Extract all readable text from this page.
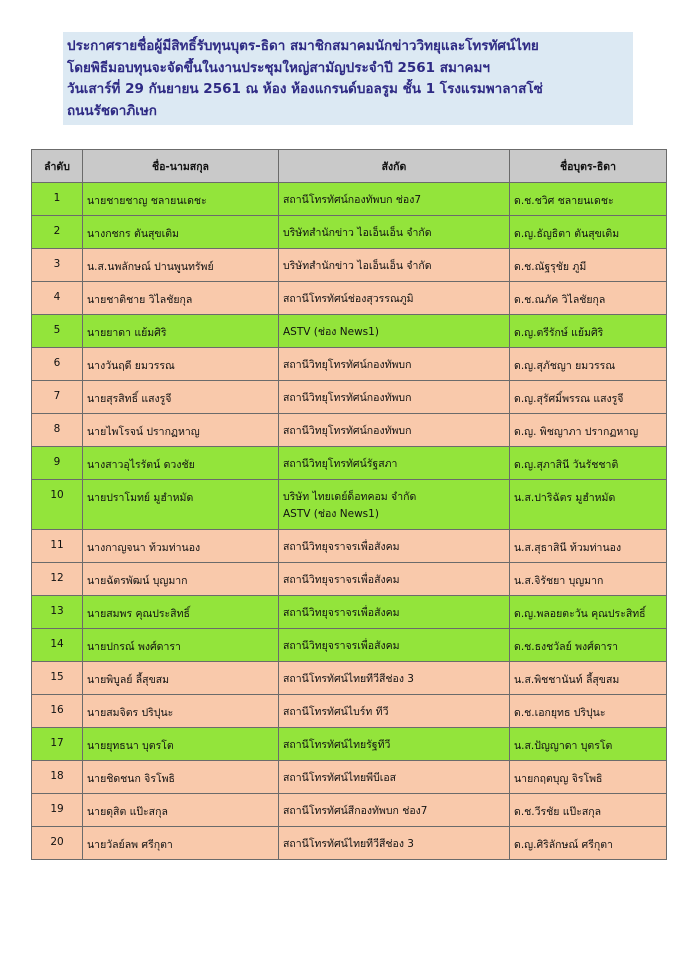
ประกาศรายชื่อผู้มีสิทธิ์รับทุนบุตร-ธิดา สมาชิกสมาคมนักข่าววิทยุและโทรทัศน์ไทย
โดยพิธีมอบทุนจะจัดขึ้นในงานประชุมใหญ่สามัญประจำปี 2561 สมาคมฯ
วันเสาร์ที่ 29 กันยายน 2561 ณ ห้อง ห้องแกรนด์บอลรูม ชั้น 1 โรงแรมพาลาสโซ่
ถนนรัชดาภิเษก
ลำดับ	ชื่อ-นามสกุล	สังกัด	ชื่อบุตร-ธิดา
1	นายชายชาญ ชลายนเดชะ	สถานีโทรทัศน์กองทัพบก ช่อง7	ด.ช.ชวิศ ชลายนเดชะ
2	นางกชกร ตันสุขเติม	บริษัทสำนักข่าว ไอเอ็นเอ็น จำกัด	ด.ญ.ธัญธิตา ตันสุขเติม
3	น.ส.นพลักษณ์ ปานพูนทรัพย์	บริษัทสำนักข่าว ไอเอ็นเอ็น จำกัด	ด.ช.ณัฐรุชัย ภูมี
4	นายชาติชาย วิไลชัยกุล	สถานีโทรทัศน์ช่องสุวรรณภูมิ	ด.ช.ณภัค วิไลชัยกุล
5	นายยาดา แย้มศิริ	ASTV (ช่อง News1)	ด.ญ.ตรีรักษ์ แย้มศิริ
6	นางวันฤดี ยมวรรณ	สถานีวิทยุโทรทัศน์กองทัพบก	ด.ญ.สุภัชญา ยมวรรณ
7	นายสุรสิทธิ์ แสงรูจี	สถานีวิทยุโทรทัศน์กองทัพบก	ด.ญ.สุรัศมิ์พรรณ แสงรูจี
8	นายไพโรจน์ ปรากฏหาญ	สถานีวิทยุโทรทัศน์กองทัพบก	ด.ญ. พิชญาภา ปรากฏหาญ
9	นางสาวอุไรรัตน์ ดวงชัย	สถานีวิทยุโทรทัศน์รัฐสภา	ด.ญ.สุภาสินี วันรัชชาติ
10	นายปราโมทย์ มูฮำหมัด	บริษัท ไทยเดย์ด็อทคอม จำกัด
ASTV (ช่อง News1)	น.ส.ปาริฉัตร มูฮำหมัด
11	นางกาญจนา ท้วมท่านอง	สถานีวิทยุจราจรเพื่อสังคม	น.ส.สุธาสินี ท้วมท่านอง
12	นายฉัตรพัฒน์ บุญมาก	สถานีวิทยุจราจรเพื่อสังคม	น.ส.จิรัชยา บุญมาก
13	นายสมพร คุณประสิทธิ์	สถานีวิทยุจราจรเพื่อสังคม	ด.ญ.พลอยตะวัน คุณประสิทธิ์
14	นายปกรณ์ พงศ์ดารา	สถานีวิทยุจราจรเพื่อสังคม	ด.ช.ธงชวัลย์ พงศ์ดารา
15	นายพิบูลย์ ลี้สุขสม	สถานีโทรทัศน์ไทยทีวีสีช่อง 3	น.ส.พิชชานันท์ ลี้สุขสม
16	นายสมจิตร ปริปุนะ	สถานีโทรทัศน์ไบร์ท ทีวี	ด.ช.เอกยุทธ ปริปุนะ
17	นายยุทธนา บุตรโต	สถานีโทรทัศน์ไทยรัฐทีวี	น.ส.ปัญญาดา บุตรโต
18	นายชิดชนก จิรโพธิ	สถานีโทรทัศน์ไทยพีบีเอส	นายกฤตบุญ จิรโพธิ
19	นายดุสิต แป๊ะสกุล	สถานีโทรทัศน์สีกองทัพบก ช่อง7	ด.ช.วีรชัย แป๊ะสกุล
20	นายวัลย์ลพ ศรีกุตา	สถานีโทรทัศน์ไทยทีวีสีช่อง 3	ด.ญ.ศิริลักษณ์ ศรีกุตา
